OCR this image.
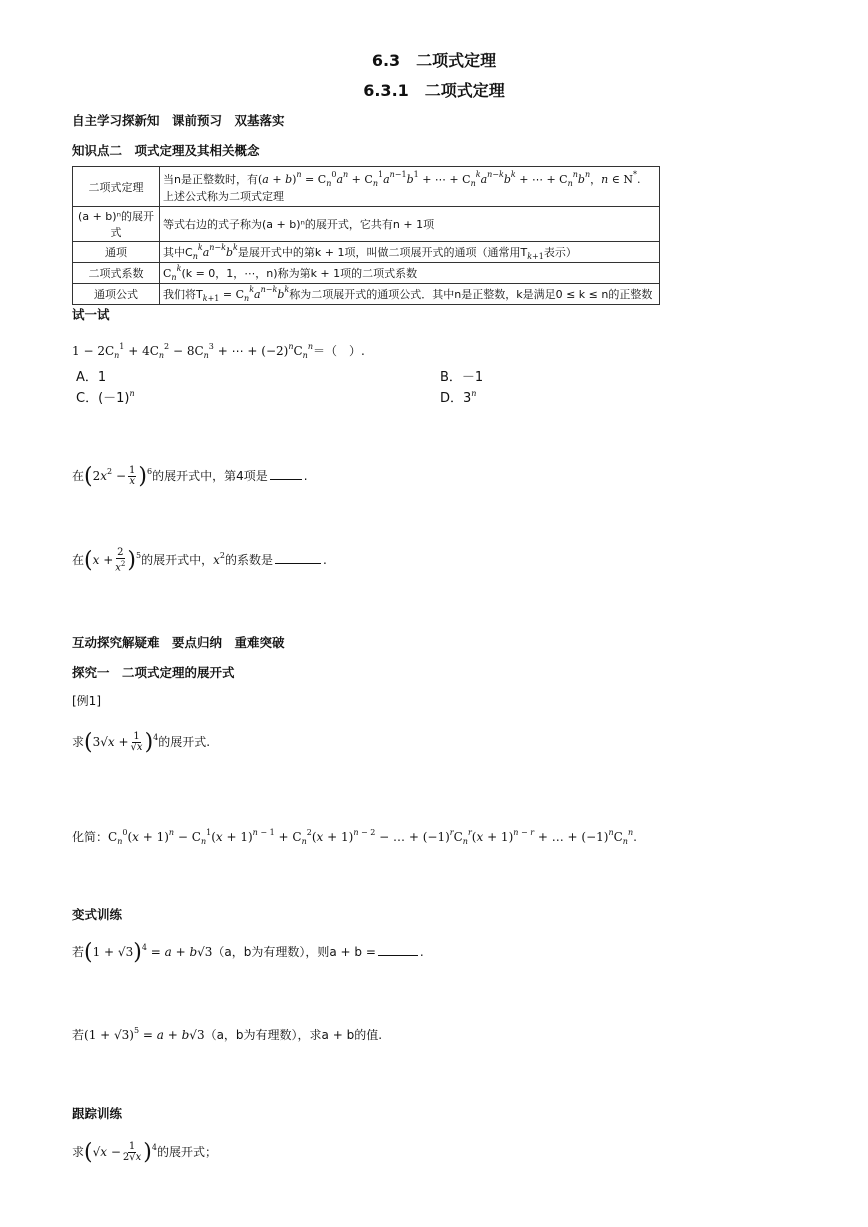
6.3　二项式定理
6.3.1　二项式定理
自主学习探新知　课前预习　双基落实
知识点二　项式定理及其相关概念
二项式定理	当n是正整数时，有$(a + b)^n = C_n^0a^n + C_n^1a^{n-1}b^1$ + ⋯ + $C_n^ka^{n-k}b^k$ + ⋯ + $C_n^nb^n$，n ∈ N*.
上述公式称为二项式定理

(a + b)ⁿ的展开式	等式右边的式子称为(a + b)ⁿ的展开式，它共有n + 1项
通项	其中$C_n^ka^{n-k}b^k$是展开式中的第k + 1项，叫做二项展开式的通项（通常用$T_{k+1}$表示）
二项式系数	$C_n^k(k = 0$，1，⋯，n)称为第k + 1项的二项式系数
通项公式	我们将$T_{k+1} = C_n^ka^{n-k}b^k$称为二项展开式的通项公式．其中n是正整数，k是满足0 ≤ k ≤ n的正整数
试一试
$1 - 2C_n^1 + 4C_n^2 - 8C_n^3$ + ⋯ + $(-2)^nC_n^n=$（　）.
A．1	B．－1
C．$(-1)^n$	D．3$^n$
在$(2x^2 - \frac{1}{x} )^6$的展开式中，第4项是	.
在$(x + \frac{2}{x^2} )^5$的展开式中，$x^2$的系数是	.
互动探究解疑难　要点归纳　重难突破
探究一　二项式定理的展开式
[例1]
求$(3√x + \frac{1}{√x} )^4$的展开式.
化简：$C_n^0(x + 1)^n - C_n^1(x + 1)^{n - 1} + C_n^2(x + 1)^{n - 2}$ − … + $(-1)^rC_n^r(x + 1)^{n - r}$ + … + $(-1)^nC_n^n$.
变式训练
若$(1 + √3)^4 = a + b√3(a$，b为有理数），则a + b =	.
若$(1 + √3)^5 = a + b√3(a$，b为有理数），求a + b的值.
跟踪训练
求$(√x - \frac{1}{2√x} )^4$的展开式；
